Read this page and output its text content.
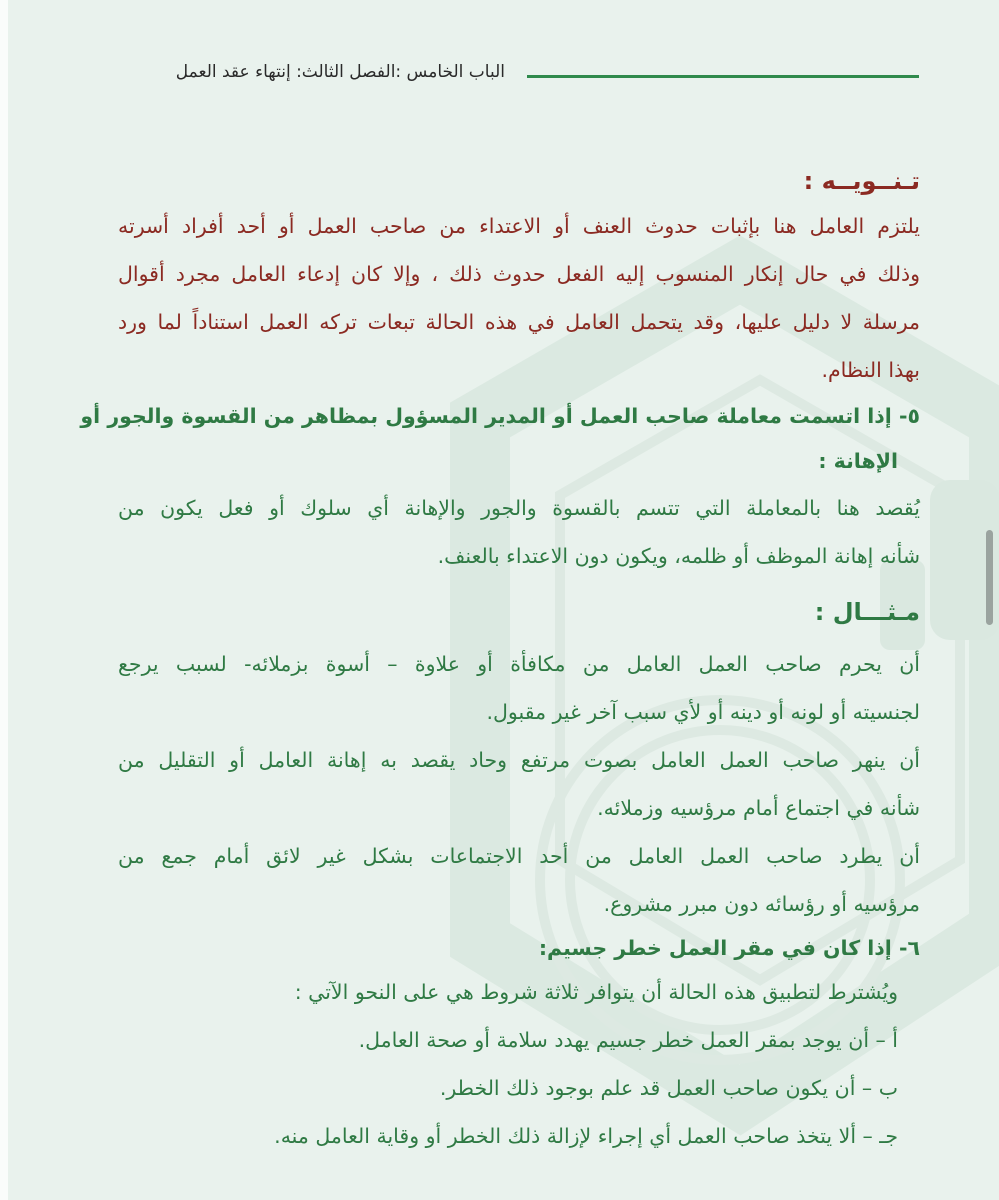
الباب الخامس :الفصل الثالث: إنتهاء عقد العمل
تـنــويــه :
يلتزم العامل هنا بإثبات حدوث العنف أو الاعتداء من صاحب العمل أو أحد أفراد أسرته
وذلك في حال إنكار المنسوب إليه الفعل حدوث ذلك ، وإلا كان إدعاء العامل مجرد أقوال
مرسلة لا دليل عليها، وقد يتحمل العامل في هذه الحالة تبعات تركه العمل استناداً لما ورد
بهذا النظام.
٥- إذا اتسمت معاملة صاحب العمل أو المدير المسؤول بمظاهر من القسوة والجور أو
الإهانة :
يُقصد هنا بالمعاملة التي تتسم بالقسوة والجور والإهانة أي سلوك أو فعل يكون من
شأنه إهانة الموظف أو ظلمه، ويكون دون الاعتداء بالعنف.
مـثـــال :
أن يحرم صاحب العمل العامل من مكافأة أو علاوة – أسوة بزملائه- لسبب يرجع
لجنسيته أو لونه أو دينه أو لأي سبب آخر غير مقبول.
أن ينهر صاحب العمل العامل بصوت مرتفع وحاد يقصد به إهانة العامل أو التقليل من
شأنه في اجتماع أمام مرؤسيه وزملائه.
أن يطرد صاحب العمل العامل من أحد الاجتماعات بشكل غير لائق أمام جمع من
مرؤسيه أو رؤسائه دون مبرر مشروع.
٦- إذا كان في مقر العمل خطر جسيم:
ويُشترط لتطبيق هذه الحالة أن يتوافر ثلاثة شروط هي على النحو الآتي :
أ – أن يوجد بمقر العمل خطر جسيم يهدد سلامة أو صحة العامل.
ب – أن يكون صاحب العمل قد علم بوجود ذلك الخطر.
جـ – ألا يتخذ صاحب العمل أي إجراء لإزالة ذلك الخطر أو وقاية العامل منه.
